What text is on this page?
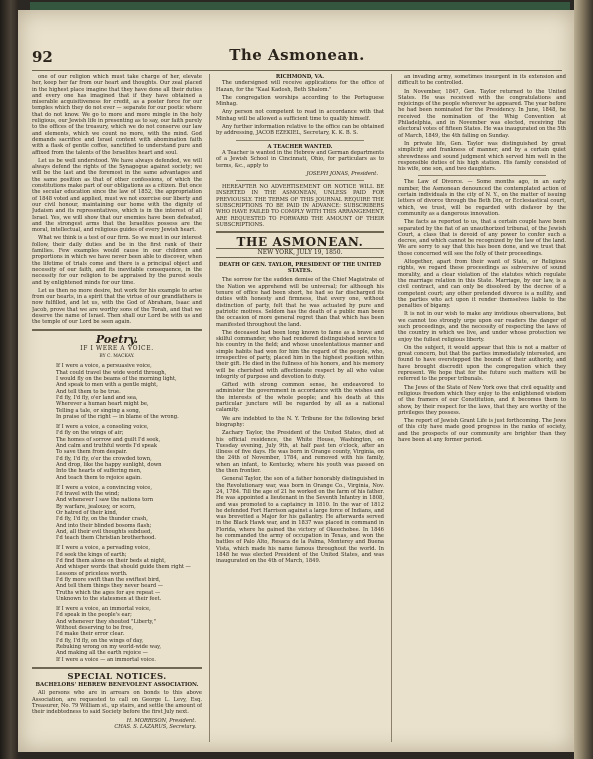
92	The Asmonean.

one of our religion which must take charge of her, elevate her, keep her far from our heart and thoughts. Our zeal placed in the highest place imagine that they have done all their duties and every one has imagined that if they have obtained a miserable acquisitiveness for credit, as a poster force for our temples which they do not ever — separate for our poetic where that do not know. We go to more and more mingle in the holy religious, our Jewish life in presenting as to say, our faith purely to the offices of the treasury, which we do not conserve our law and elements, which we count no more, with the mind. God demands sacrifice and Israel content with abomination faith with a flask of gentle coffee, sanctified to understand pure and affixed from the talents of the Israelites heart and soul.

Let us be well understood. We have always defended, we will always defend the rights of the Synagogue against society; we will be the last and the foremost in the same advantages and the same position as that of other confessions, of which the constitutions make part of our obligations as a citizen. But once the secular education since the law of 1852, the appropriation of 1848 voted and applied, must we not exercise our liberty and our civil honour, maintaining our home with the dignity of Judaism and its representatives, which is in the interest of all Israel. Yes, we will show that our enemies have been defeated, and the strongest arms that the Israelites possess are the moral, intellectual, and religious guides of every Jewish heart.

What we think is a test of our firm. So we must in our interest follow, their daily duties and be in the first rank of their families. Few examples would cause in our children and proportions in which we have never been able to discover, when the lifetime of trials come and there is a principal object and necessity of our faith, and its inevitable consequence, in the necessity for our religion to be appraised by the purest souls and by enlightened minds for our time.

Let us then no more desire, but work for his example to arise from our hearts, in a spirit that the virtue of our grandfathers is now fulfilled, and let us, with the God of Abraham, Isaac and Jacob, prove that we are worthy sons of the Torah, and that we deserve the name of Israel. Then shall our Lord be with us and the temple of our Lord be seen again.

Poetry.
IF I WERE A VOICE.
BY C. MACKAY.
If I were a voice, a persuasive voice,
That could travel the wide world through,
I would fly on the beams of the morning light,
And speak to men with a gentle might,
And tell them to be true.
I'd fly, I'd fly, o'er land and sea,
Wherever a human heart might be,
Telling a tale, or singing a song,
In praise of the right — in blame of the wrong.
If I were a voice, a consoling voice,
I'd fly on the wings of air;
The homes of sorrow and guilt I'd seek,
And calm and truthful words I'd speak
To save them from despair.
I'd fly, I'd fly, o'er the crowded town,
And drop, like the happy sunlight, down
Into the hearts of suffering men,
And teach them to rejoice again.
If I were a voice, a convincing voice,
I'd travel with the wind;
And whenever I saw the nations torn
By warfare, jealousy, or scorn,
Or hatred of their kind,
I'd fly, I'd fly, on the thunder crash,
And into their blinded bosoms flash;
And, all their evil thoughts subdued,
I'd teach them Christian brotherhood.
If I were a voice, a pervading voice,
I'd seek the kings of earth;
I'd find them alone on their beds at night,
And whisper words that should guide them right —
Lessons of priceless worth.
I'd fly more swift than the swiftest bird,
And tell them things they never heard —
Truths which the ages for aye repeat —
Unknown to the statesmen at their feet.
If I were a voice, an immortal voice,
I'd speak in the people's ear;
And whenever they shouted "Liberty,"
Without deserving to be free,
I'd make their error clear.
I'd fly, I'd fly, on the wings of day,
Rebuking wrong on my world-wide way,
And making all the earth rejoice —
If I were a voice — an immortal voice.
SPECIAL NOTICES.
BACHELORS' HEBREW BENEVOLENT ASSOCIATION.

All persons who are in arrears on bonds to this above Association, are requested to call on George L. Levy, Esq. Treasurer, No. 79 William st., up stairs, and settle the amount of their indebtedness to said Society before the first July next.

H. MORRISON, President.
CHAS. S. LAZARUS, Secretary.
RICHMOND, VA.

The undersigned will receive applications for the office of Hazan, for the "Kaal Kadosh, Beth Shalom."

The congregation worships according to the Portuguese Minhag.

Any person not competent to read in accordance with that Minhag will be allowed a sufficient time to qualify himself.

Any further information relative to the office can be obtained by addressing, JACOB EZEKIEL, Secretary, K. K. B. S.

A TEACHER WANTED.

A Teacher is wanted in the Hebrew and German departments of a Jewish School in Cincinnati, Ohio, for particulars as to terms, &c., apply to

JOSEPH JONAS, President.

HEREAFTER NO ADVERTISEMENT OR NOTICE WILL BE INSERTED IN THE ASMONEAN, UNLESS PAID FOR PREVIOUSLY. THE TERMS OF THIS JOURNAL REQUIRE THE SUBSCRIPTIONS TO BE PAID IN ADVANCE: SUBSCRIBERS WHO HAVE FAILED TO COMPLY WITH THIS ARRANGEMENT, ARE REQUESTED TO FORWARD THE AMOUNT OF THEIR SUBSCRIPTIONS.

THE ASMONEAN.
NEW YORK, JULY 19, 1850.
DEATH OF GEN. TAYLOR, PRESIDENT OF THE UNITED STATES.

The sorrow for the sudden demise of the Chief Magistrate of the Nation we apprehend will be universal; for although his tenure of office had been short, he had so far discharged its duties with honesty and firmness, that every one, without distinction of party, felt that he was actuated by pure and patriotic motives. Seldom has the death of a public man been the occasion of more general regret than that which has been manifested throughout the land.

The deceased had been long known to fame as a brave and skilful commander, who had rendered distinguished service to his country in the field; and whose unostentatious manner and simple habits had won for him the regard of the people, who, irrespective of party, placed him in the highest position within their gift. He died in the fullness of his honors, and his memory will be cherished with affectionate respect by all who value integrity of purpose and devotion to duty.

Gifted with strong common sense, he endeavored to administer the government in accordance with the wishes and the interests of the whole people; and his death at this particular juncture will be regarded by all as a national calamity.

We are indebted to the N. Y. Tribune for the following brief biography:

Zachary Taylor, the President of the United States, died at his official residence, the White House, Washington, on Tuesday evening, July 9th, at half past ten o'clock, after an illness of five days. He was born in Orange county, Virginia, on the 24th of November, 1784, and removed with his family, when an infant, to Kentucky, where his youth was passed on the then frontier.

General Taylor, the son of a father honorably distinguished in the Revolutionary war, was born in Orange Co., Virginia, Nov. 24, 1784. Till the age of 21 he worked on the farm of his father. He was appointed a lieutenant in the Seventh Infantry in 1808, and was promoted to a captaincy in 1810. In the war of 1812 he defended Fort Harrison against a large force of Indians, and was brevetted a Major for his gallantry. He afterwards served in the Black Hawk war, and in 1837 was placed in command in Florida, where he gained the victory of Okeechobee. In 1846 he commanded the army of occupation in Texas, and won the battles of Palo Alto, Resaca de la Palma, Monterey and Buena Vista, which made his name famous throughout the world. In 1848 he was elected President of the United States, and was inaugurated on the 4th of March, 1849.

an invading army, sometimes insurgent in its extension and difficult to be controlled.

In November, 1847, Gen. Taylor returned to the United States. He was received with the congratulations and rejoicings of the people wherever he appeared. The year before he had been nominated for the Presidency. In June, 1848, he received the nomination of the Whig Convention at Philadelphia, and in November was elected, receiving the electoral votes of fifteen States. He was inaugurated on the 5th of March, 1849, the 4th falling on Sunday.

In private life, Gen. Taylor was distinguished by great simplicity and frankness of manner, and by a certain quiet shrewdness and sound judgment which served him well in the responsible duties of his high station. His family consisted of his wife, one son, and two daughters.

The Law of Divorce. — Some months ago, in an early number, the Asmonean denounced the contemplated action of certain individuals in the city of N. Y., on the matter of issuing letters of divorce through the Beth Din, or Ecclesiastical court, which, we trust, will be regarded with disfavor by the community as a dangerous innovation.

The facts as reported to us, that a certain couple have been separated by the fiat of an unauthorized tribunal, of the Jewish Court, a class that is devoid of any power to confer such a decree, and which cannot be recognized by the law of the land. We are sorry to say that this has been done, and we trust that those concerned will see the folly of their proceedings.

Altogether, apart from their want of State, or Religious rights, we regard these proceedings as subversive of sound morality, and a clear violation of the statutes which regulate the marriage relation in this State. Marriage, by our law, is a civil contract, and can only be dissolved by the decree of a competent court; any other pretended divorce is a nullity, and the parties who act upon it render themselves liable to the penalties of bigamy.

It is not in our wish to make any invidious observations, but we cannot too strongly urge upon our readers the danger of such proceedings, and the necessity of respecting the laws of the country in which we live, and under whose protection we enjoy the fullest religious liberty.

On the subject, it would appear that this is not a matter of great concern, but that the parties immediately interested, are found to have overstepped the bounds of their authority, and have brought discredit upon the congregation which they represent. We hope that for the future such matters will be referred to the proper tribunals.

The Jews of the State of New York owe that civil equality and religious freedom which they enjoy to the enlightened wisdom of the framers of our Constitution, and it becomes them to show, by their respect for the laws, that they are worthy of the privileges they possess.

The report of Jewish Grant Life is just forthcoming. The Jews of this city have made good progress in the ranks of society, and the prospects of our community are brighter than they have been at any former period.
